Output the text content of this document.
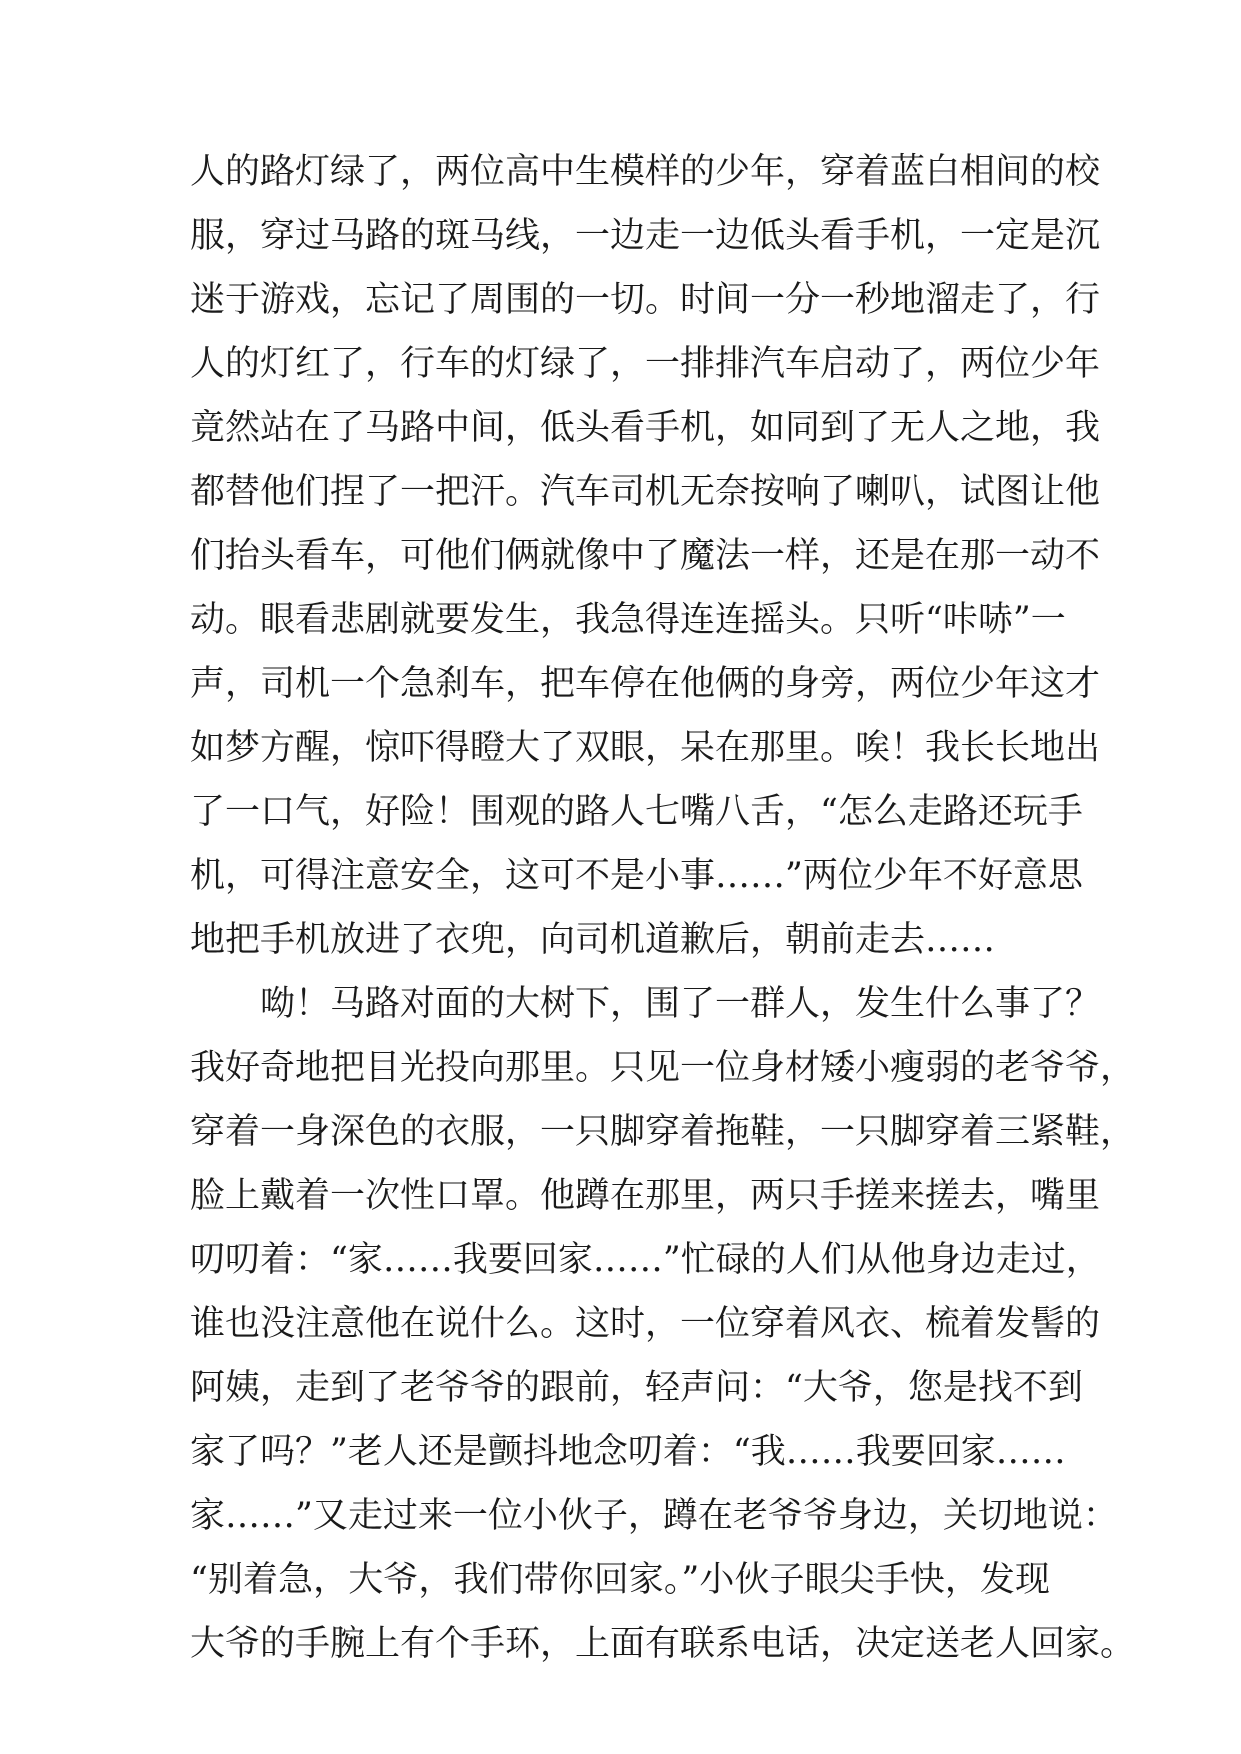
人的路灯绿了，两位高中生模样的少年，穿着蓝白相间的校
服，穿过马路的斑马线，一边走一边低头看手机，一定是沉
迷于游戏，忘记了周围的一切。时间一分一秒地溜走了，行
人的灯红了，行车的灯绿了，一排排汽车启动了，两位少年
竟然站在了马路中间，低头看手机，如同到了无人之地，我
都替他们捏了一把汗。汽车司机无奈按响了喇叭，试图让他
们抬头看车，可他们俩就像中了魔法一样，还是在那一动不
动。眼看悲剧就要发生，我急得连连摇头。只听“咔哧”一
声，司机一个急刹车，把车停在他俩的身旁，两位少年这才
如梦方醒，惊吓得瞪大了双眼，呆在那里。唉！我长长地出
了一口气，好险！围观的路人七嘴八舌，“怎么走路还玩手
机，可得注意安全，这可不是小事……”两位少年不好意思
地把手机放进了衣兜，向司机道歉后，朝前走去……
呦！马路对面的大树下，围了一群人，发生什么事了？
我好奇地把目光投向那里。只见一位身材矮小瘦弱的老爷爷，
穿着一身深色的衣服，一只脚穿着拖鞋，一只脚穿着三紧鞋，
脸上戴着一次性口罩。他蹲在那里，两只手搓来搓去，嘴里
叨叨着：“家……我要回家……”忙碌的人们从他身边走过，
谁也没注意他在说什么。这时，一位穿着风衣、梳着发髻的
阿姨，走到了老爷爷的跟前，轻声问：“大爷，您是找不到
家了吗？”老人还是颤抖地念叨着：“我……我要回家……
家……”又走过来一位小伙子，蹲在老爷爷身边，关切地说：
“别着急，大爷，我们带你回家。”小伙子眼尖手快，发现
大爷的手腕上有个手环，上面有联系电话，决定送老人回家。
